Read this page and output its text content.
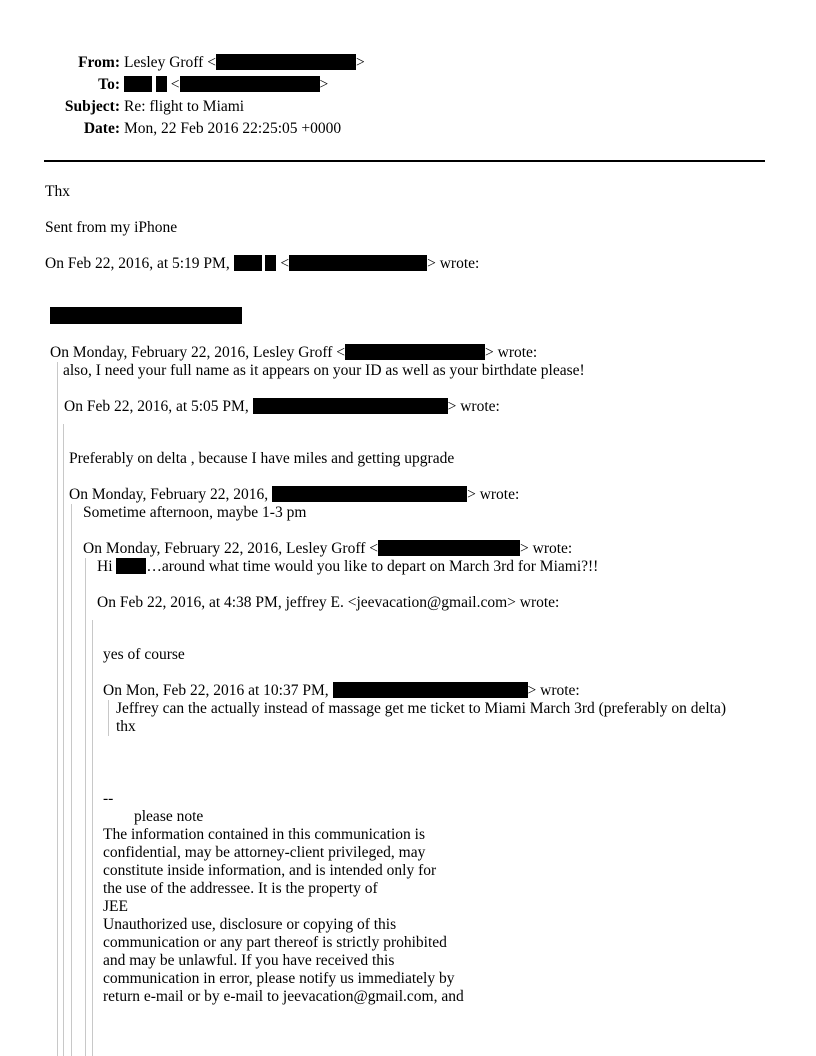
From: Lesley Groff <	>
To:	<	>
Subject: Re: flight to Miami
Date: Mon, 22 Feb 2016 22:25:05 +0000
Thx
Sent from my iPhone
On Feb 22, 2016, at 5:19 PM,	<	> wrote:
On Monday, February 22, 2016, Lesley Groff <	> wrote:
also, I need your full name as it appears on your ID as well as your birthdate please!
On Feb 22, 2016, at 5:05 PM,	> wrote:
Preferably on delta , because I have miles and getting upgrade
On Monday, February 22, 2016,	> wrote:
Sometime afternoon, maybe 1-3 pm
On Monday, February 22, 2016, Lesley Groff <	> wrote:
Hi …around what time would you like to depart on March 3rd for Miami?!!
On Feb 22, 2016, at 4:38 PM, jeffrey E. <jeevacation@gmail.com> wrote:
yes of course
On Mon, Feb 22, 2016 at 10:37 PM,	> wrote:
Jeffrey can the actually instead of massage get me ticket to Miami March 3rd (preferably on delta)
thx
--
please note
The information contained in this communication is
confidential, may be attorney-client privileged, may
constitute inside information, and is intended only for
the use of the addressee. It is the property of
JEE
Unauthorized use, disclosure or copying of this
communication or any part thereof is strictly prohibited
and may be unlawful. If you have received this
communication in error, please notify us immediately by
return e-mail or by e-mail to jeevacation@gmail.com, and
